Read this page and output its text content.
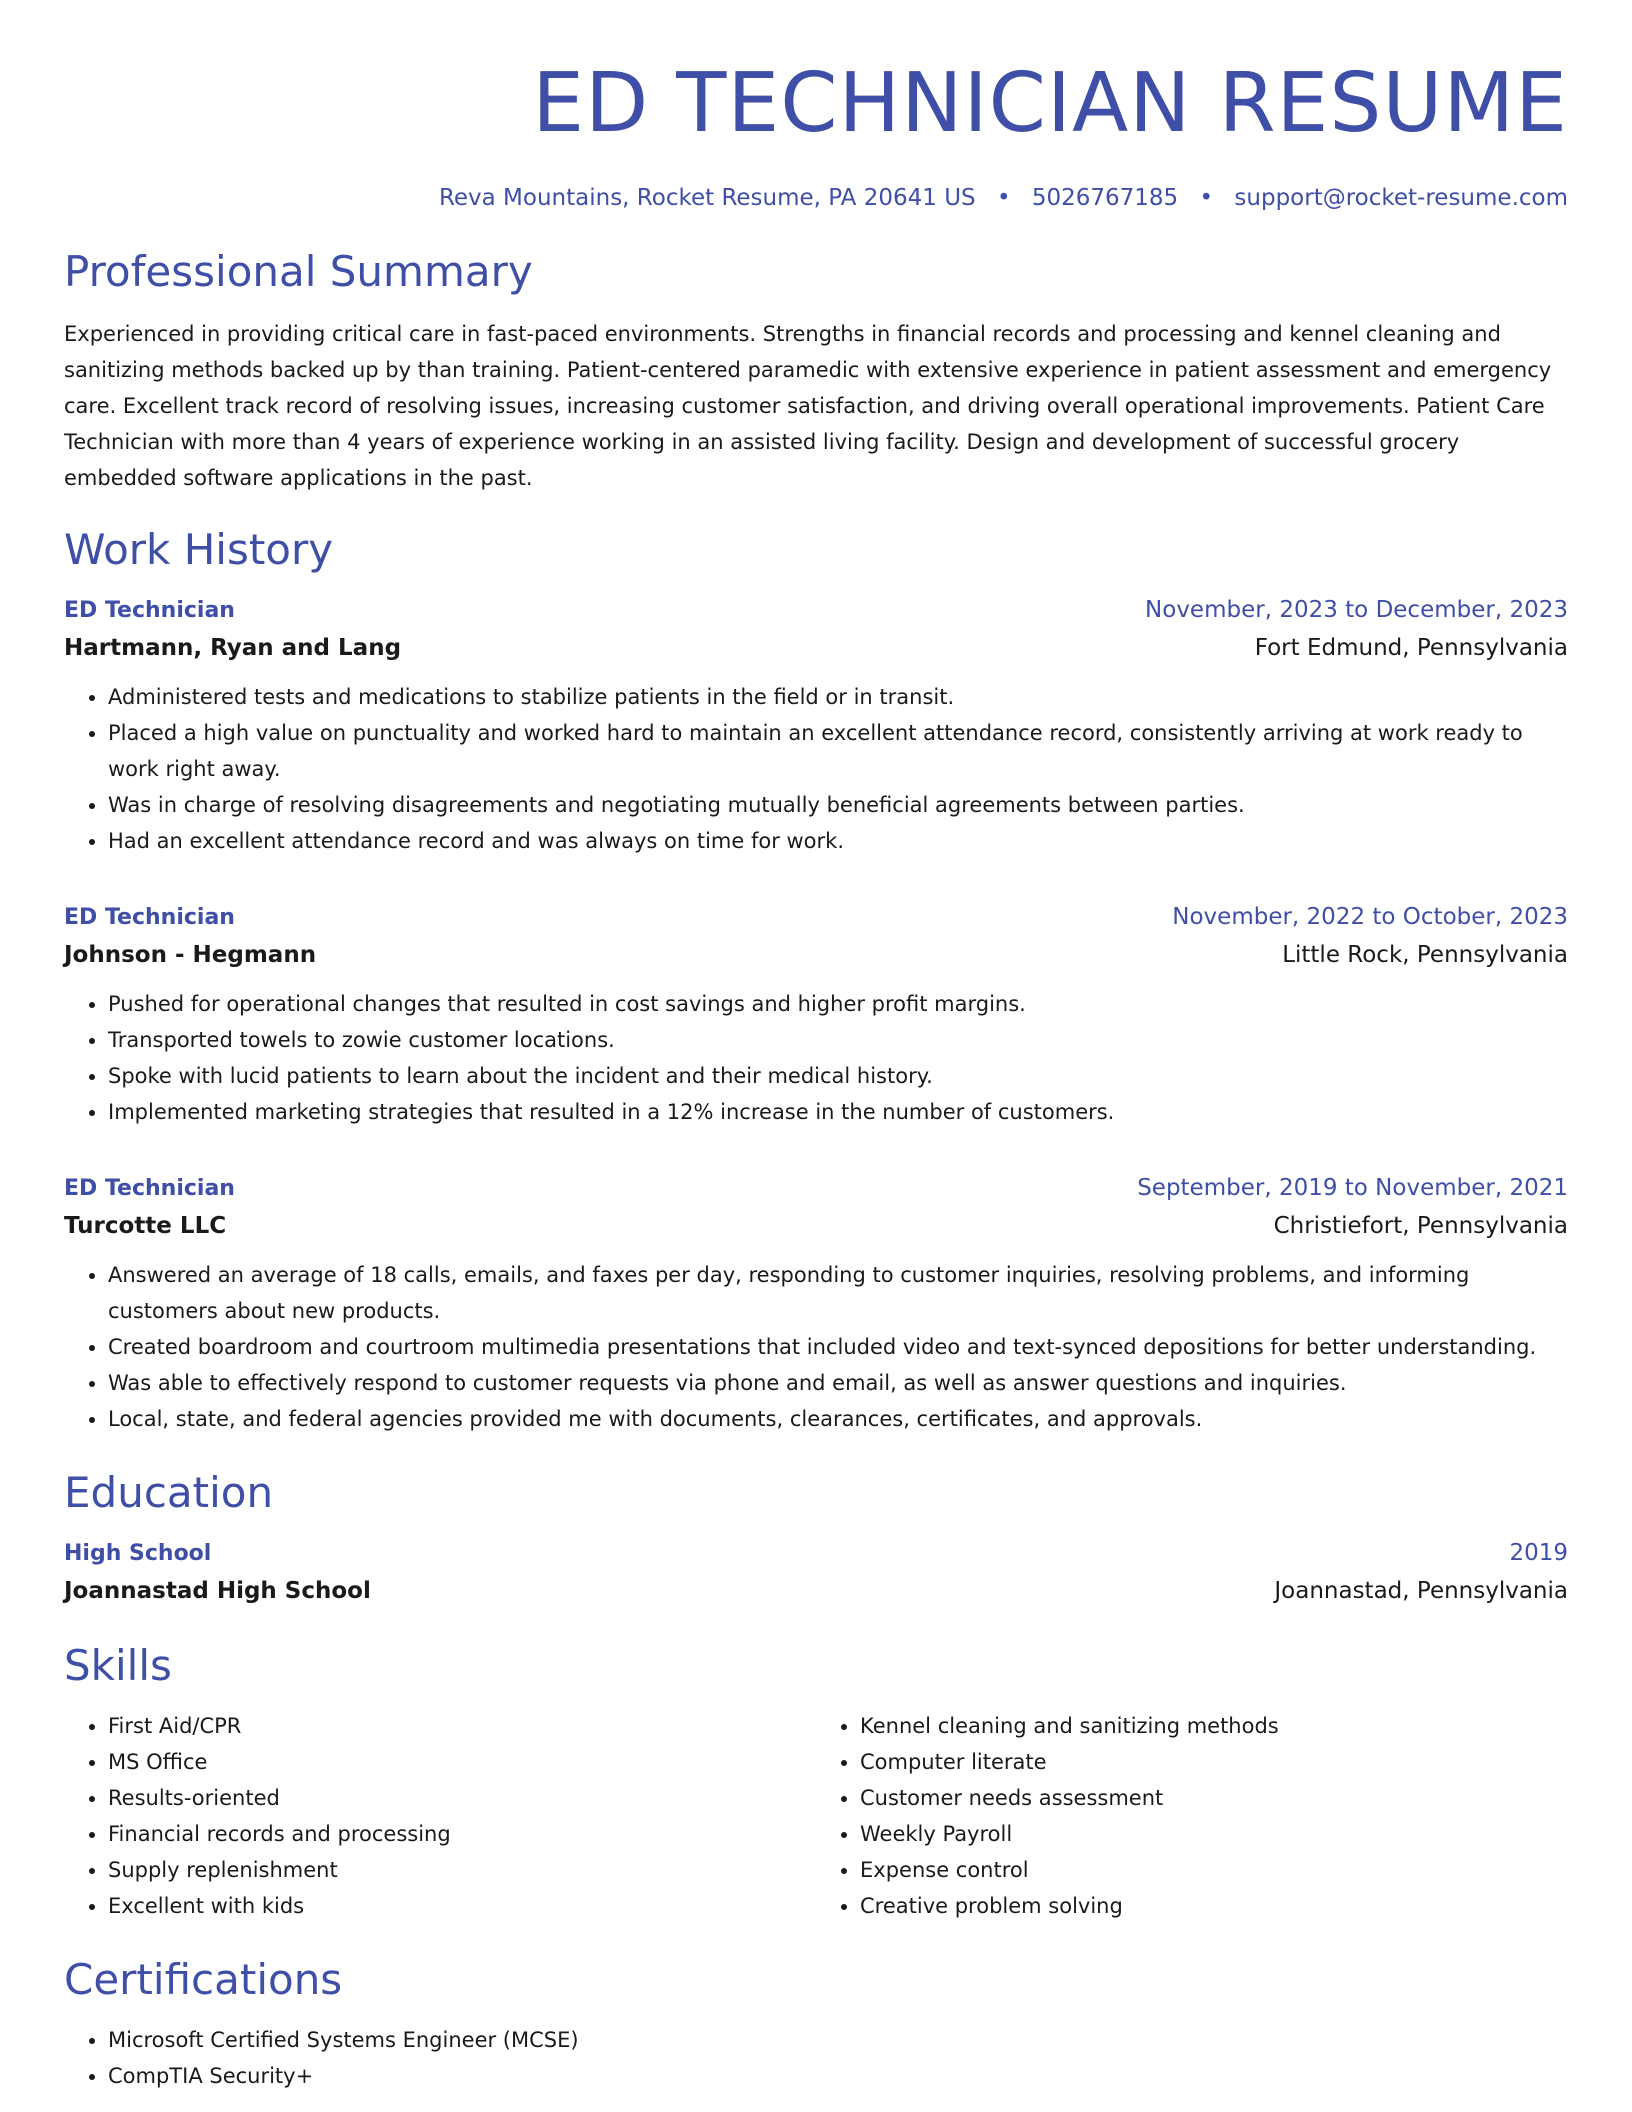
ED TECHNICIAN RESUME
Reva Mountains, Rocket Resume, PA 20641 US • 5026767185 • support@rocket-resume.com
Professional Summary

Experienced in providing critical care in fast-paced environments. Strengths in financial records and processing and kennel cleaning and sanitizing methods backed up by than training. Patient-centered paramedic with extensive experience in patient assessment and emergency care. Excellent track record of resolving issues, increasing customer satisfaction, and driving overall operational improvements. Patient Care Technician with more than 4 years of experience working in an assisted living facility. Design and development of successful grocery embedded software applications in the past.

Work History
ED Technician	November, 2023 to December, 2023
Hartmann, Ryan and Lang	Fort Edmund, Pennsylvania
• Administered tests and medications to stabilize patients in the field or in transit.
• Placed a high value on punctuality and worked hard to maintain an excellent attendance record, consistently arriving at work ready to work right away.
• Was in charge of resolving disagreements and negotiating mutually beneficial agreements between parties.
• Had an excellent attendance record and was always on time for work.
ED Technician	November, 2022 to October, 2023
Johnson - Hegmann	Little Rock, Pennsylvania
• Pushed for operational changes that resulted in cost savings and higher profit margins.
• Transported towels to zowie customer locations.
• Spoke with lucid patients to learn about the incident and their medical history.
• Implemented marketing strategies that resulted in a 12% increase in the number of customers.
ED Technician	September, 2019 to November, 2021
Turcotte LLC	Christiefort, Pennsylvania
• Answered an average of 18 calls, emails, and faxes per day, responding to customer inquiries, resolving problems, and informing customers about new products.
• Created boardroom and courtroom multimedia presentations that included video and text-synced depositions for better understanding.
• Was able to effectively respond to customer requests via phone and email, as well as answer questions and inquiries.
• Local, state, and federal agencies provided me with documents, clearances, certificates, and approvals.
Education
High School	2019
Joannastad High School	Joannastad, Pennsylvania
Skills
• First Aid/CPR
• MS Office
• Results-oriented
• Financial records and processing
• Supply replenishment
• Excellent with kids
• Kennel cleaning and sanitizing methods
• Computer literate
• Customer needs assessment
• Weekly Payroll
• Expense control
• Creative problem solving
Certifications
• Microsoft Certified Systems Engineer (MCSE)
• CompTIA Security+
